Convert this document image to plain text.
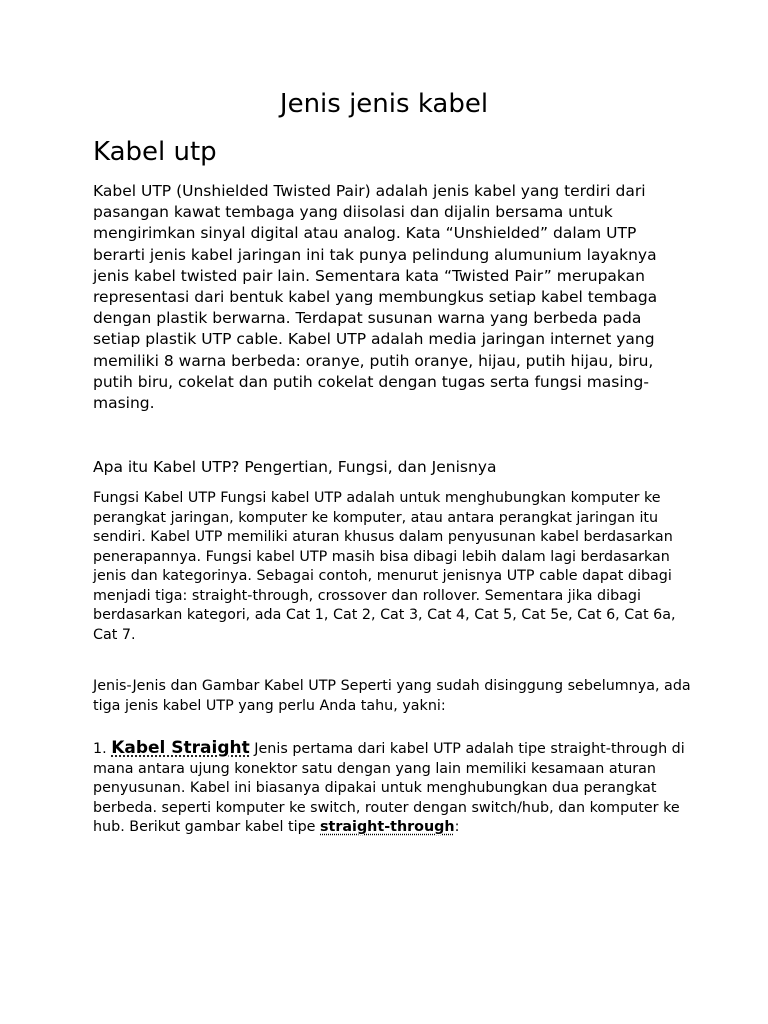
Jenis jenis kabel
Kabel utp

Kabel UTP (Unshielded Twisted Pair) adalah jenis kabel yang terdiri dari pasangan kawat tembaga yang diisolasi dan dijalin bersama untuk mengirimkan sinyal digital atau analog. Kata “Unshielded” dalam UTP berarti jenis kabel jaringan ini tak punya pelindung alumunium layaknya jenis kabel twisted pair lain. Sementara kata “Twisted Pair” merupakan representasi dari bentuk kabel yang membungkus setiap kabel tembaga dengan plastik berwarna. Terdapat susunan warna yang berbeda pada setiap plastik UTP cable. Kabel UTP adalah media jaringan internet yang memiliki 8 warna berbeda: oranye, putih oranye, hijau, putih hijau, biru, putih biru, cokelat dan putih cokelat dengan tugas serta fungsi masing-masing.

Apa itu Kabel UTP? Pengertian, Fungsi, dan Jenisnya

Fungsi Kabel UTP Fungsi kabel UTP adalah untuk menghubungkan komputer ke perangkat jaringan, komputer ke komputer, atau antara perangkat jaringan itu sendiri. Kabel UTP memiliki aturan khusus dalam penyusunan kabel berdasarkan penerapannya. Fungsi kabel UTP masih bisa dibagi lebih dalam lagi berdasarkan jenis dan kategorinya. Sebagai contoh, menurut jenisnya UTP cable dapat dibagi menjadi tiga: straight-through, crossover dan rollover. Sementara jika dibagi berdasarkan kategori, ada Cat 1, Cat 2, Cat 3, Cat 4, Cat 5, Cat 5e, Cat 6, Cat 6a, Cat 7.

Jenis-Jenis dan Gambar Kabel UTP Seperti yang sudah disinggung sebelumnya, ada tiga jenis kabel UTP yang perlu Anda tahu, yakni:

1. Kabel Straight Jenis pertama dari kabel UTP adalah tipe straight-through di mana antara ujung konektor satu dengan yang lain memiliki kesamaan aturan penyusunan. Kabel ini biasanya dipakai untuk menghubungkan dua perangkat berbeda. seperti komputer ke switch, router dengan switch/hub, dan komputer ke hub. Berikut gambar kabel tipe straight-through:
